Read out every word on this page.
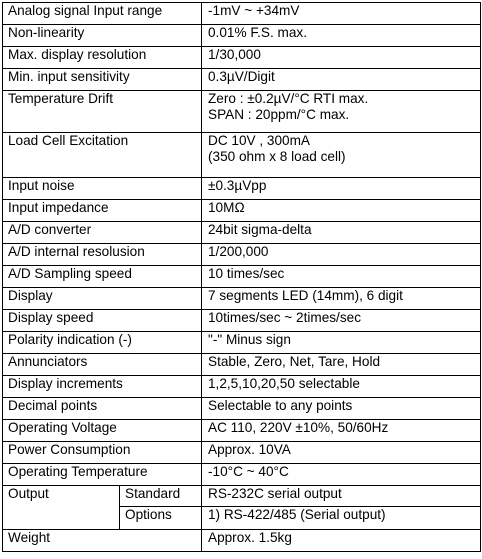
Analog signal Input range		-1mV ~ +34mV
Non-linearity		0.01% F.S. max.
Max. display resolution		1/30,000
Min. input sensitivity		0.3µV/Digit
Temperature Drift		Zero : ±0.2µV/°C RTI max.
SPAN : 20ppm/°C max.

Load Cell Excitation		DC 10V , 300mA
(350 ohm x 8 load cell)

Input noise		±0.3µVpp
Input impedance		10MΩ
A/D converter		24bit sigma-delta
A/D internal resolusion		1/200,000
A/D Sampling speed		10 times/sec
Display		7 segments LED (14mm), 6 digit
Display speed		10times/sec ~ 2times/sec
Polarity indication (-)		"-" Minus sign
Annunciators		Stable, Zero, Net, Tare, Hold
Display increments		1,2,5,10,20,50 selectable
Decimal points		Selectable to any points
Operating Voltage		AC 110, 220V ±10%, 50/60Hz
Power Consumption		Approx. 10VA
Operating Temperature		-10°C ~ 40°C
Output	Standard	RS-232C serial output
	Options	1) RS-422/485 (Serial output)
Weight		Approx. 1.5kg
